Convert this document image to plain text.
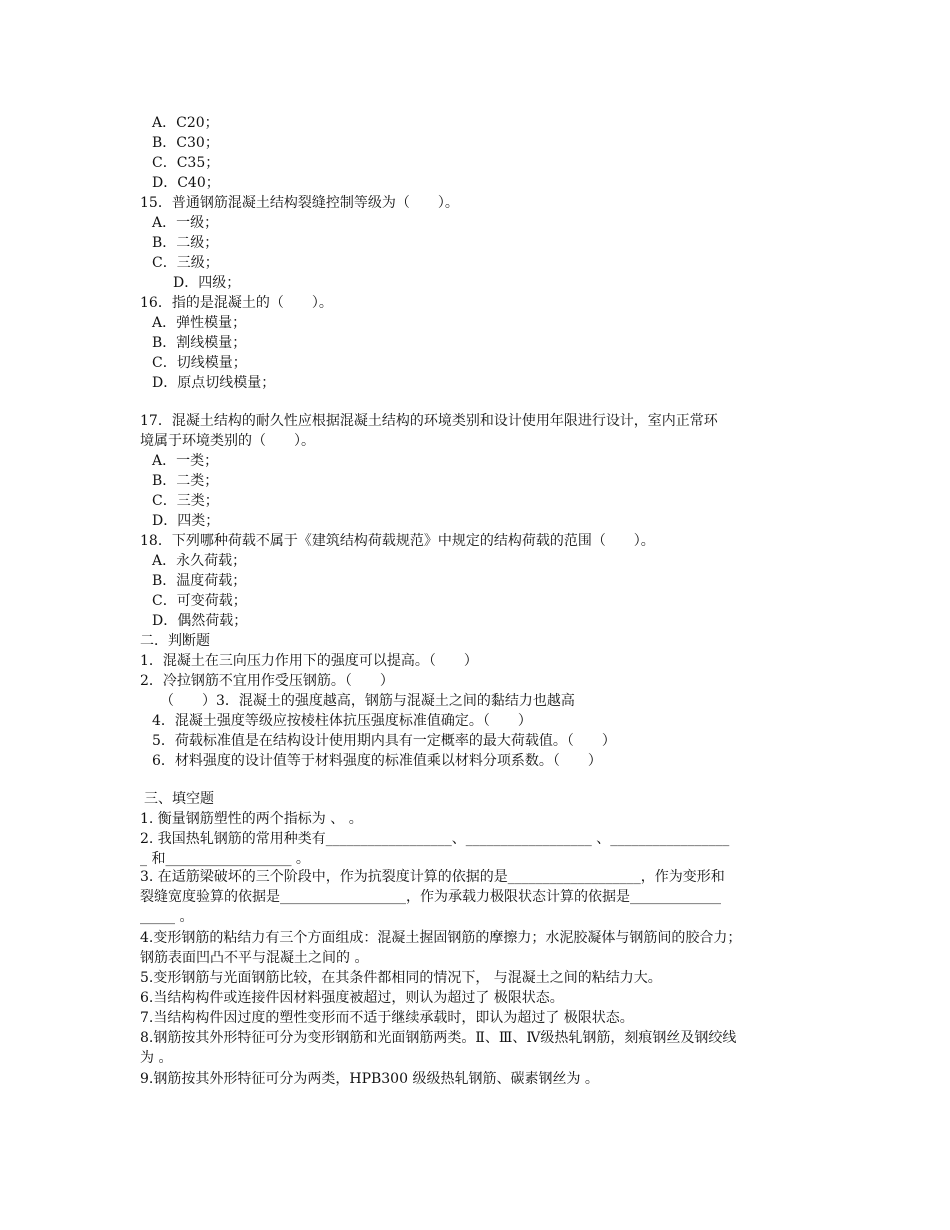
A．C20；
B．C30；
C．C35；
D．C40；
15．普通钢筋混凝土结构裂缝控制等级为（　　）。
A．一级；
B．二级；
C．三级；
D．四级；
16．指的是混凝土的（　　）。
A．弹性模量；
B．割线模量；
C．切线模量；
D．原点切线模量；
17．混凝土结构的耐久性应根据混凝土结构的环境类别和设计使用年限进行设计，室内正常环
境属于环境类别的（　　）。
A．一类；
B．二类；
C．三类；
D．四类；
18．下列哪种荷载不属于《建筑结构荷载规范》中规定的结构荷载的范围（　　）。
A．永久荷载；
B．温度荷载；
C．可变荷载；
D．偶然荷载；
二．判断题
1．混凝土在三向压力作用下的强度可以提高。（　　）
2．冷拉钢筋不宜用作受压钢筋。（　　）
（　　）3．混凝土的强度越高，钢筋与混凝土之间的黏结力也越高
4．混凝土强度等级应按棱柱体抗压强度标准值确定。（　　）
5．荷载标准值是在结构设计使用期内具有一定概率的最大荷载值。（　　）
6．材料强度的设计值等于材料强度的标准值乘以材料分项系数。（　　）
三、填空题
1. 衡量钢筋塑性的两个指标为 、 。
2. 我国热轧钢筋的常用种类有__________________、__________________ 、_________________
_ 和__________________ 。
3. 在适筋梁破坏的三个阶段中，作为抗裂度计算的依据的是___________________，作为变形和
裂缝宽度验算的依据是__________________，作为承载力极限状态计算的依据是_____________
_____ 。
4.变形钢筋的粘结力有三个方面组成：混凝土握固钢筋的摩擦力；水泥胶凝体与钢筋间的胶合力；
钢筋表面凹凸不平与混凝土之间的 。
5.变形钢筋与光面钢筋比较，在其条件都相同的情况下， 与混凝土之间的粘结力大。
6.当结构构件或连接件因材料强度被超过，则认为超过了 极限状态。
7.当结构构件因过度的塑性变形而不适于继续承载时，即认为超过了 极限状态。
8.钢筋按其外形特征可分为变形钢筋和光面钢筋两类。Ⅱ、Ⅲ、Ⅳ级热轧钢筋，刻痕钢丝及钢绞线
为 。
9.钢筋按其外形特征可分为两类，HPB300 级级热轧钢筋、碳素钢丝为 。
